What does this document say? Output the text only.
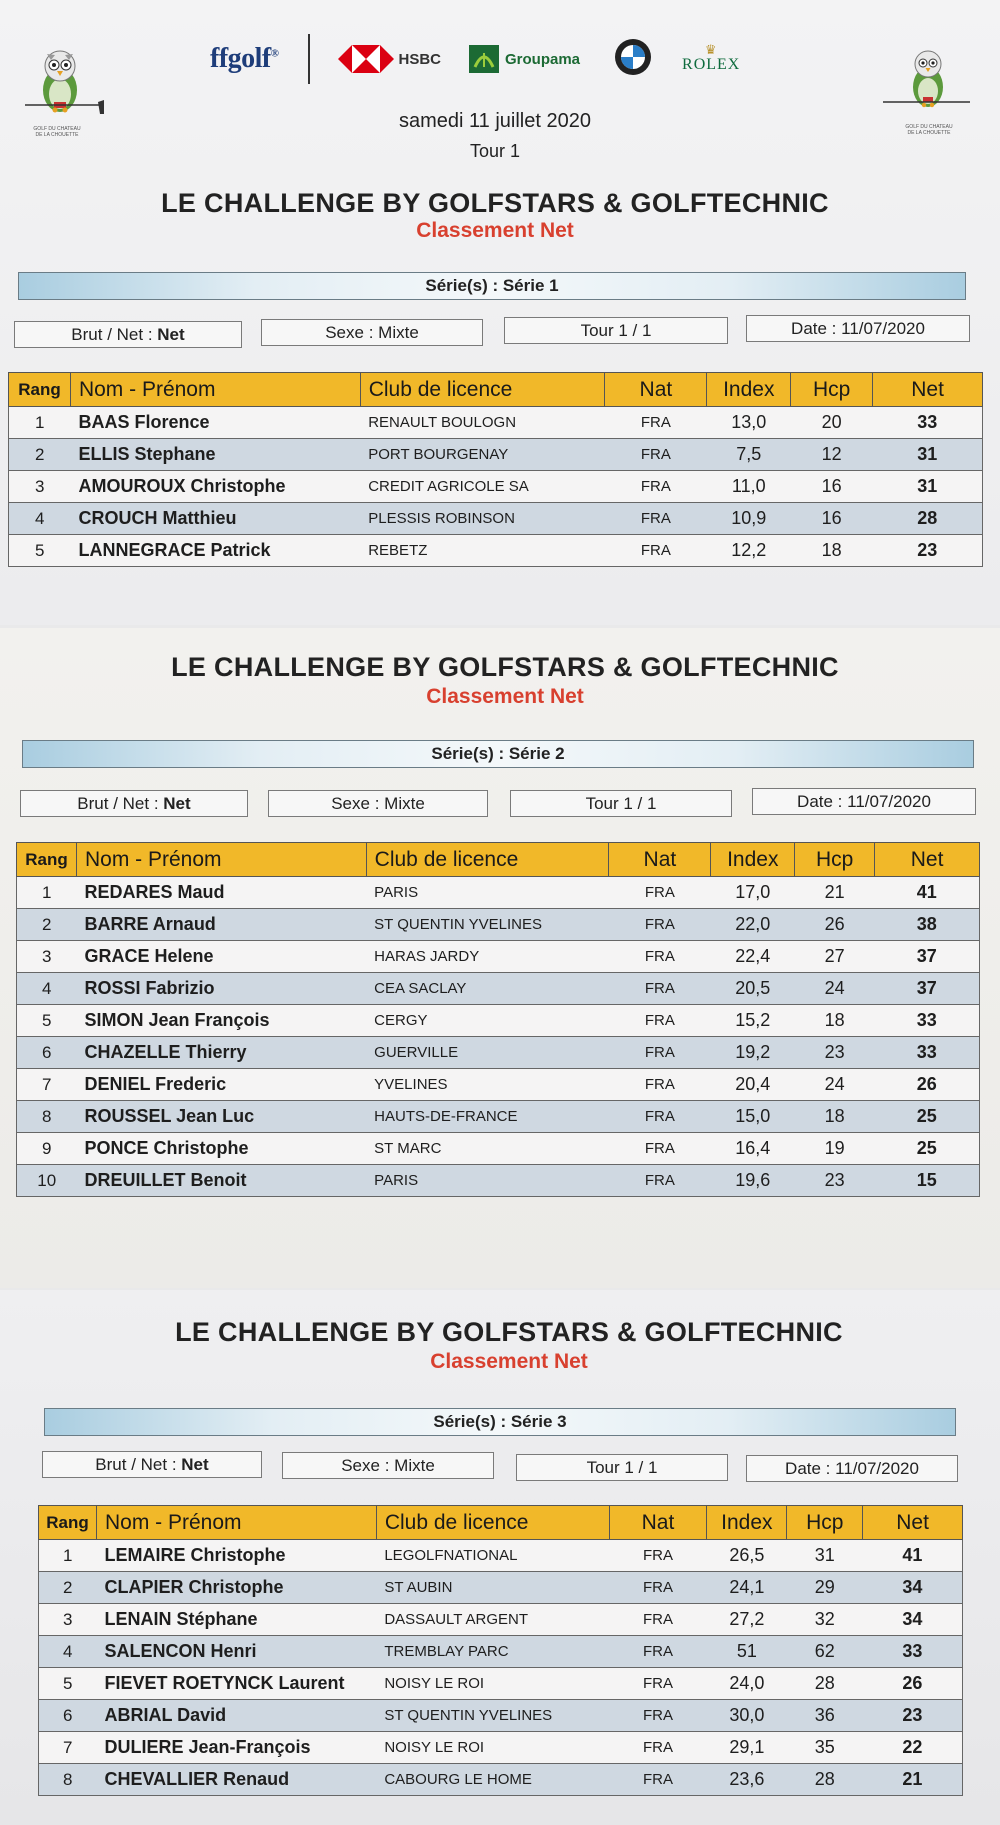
GOLF DU CHATEAU DE LA CHOUETTE
ffgolf®	HSBC	Groupama
♛
ROLEX
GOLF DU CHATEAU DE LA CHOUETTE
samedi 11 juillet 2020
Tour 1
LE CHALLENGE BY GOLFSTARS & GOLFTECHNIC
Classement Net
Série(s) : Série 1
Brut / Net : Net	Sexe : Mixte	Tour 1 / 1	Date : 11/07/2020
Rang	Nom - Prénom	Club de licence	Nat	Index	Hcp	Net
1	BAAS Florence	RENAULT BOULOGN	FRA	13,0	20	33
2	ELLIS Stephane	PORT BOURGENAY	FRA	7,5	12	31
3	AMOUROUX Christophe	CREDIT AGRICOLE SA	FRA	11,0	16	31
4	CROUCH Matthieu	PLESSIS ROBINSON	FRA	10,9	16	28
5	LANNEGRACE Patrick	REBETZ	FRA	12,2	18	23
LE CHALLENGE BY GOLFSTARS & GOLFTECHNIC
Classement Net
Série(s) : Série 2
Brut / Net : Net	Sexe : Mixte	Tour 1 / 1	Date : 11/07/2020
Rang	Nom - Prénom	Club de licence	Nat	Index	Hcp	Net
1	REDARES Maud	PARIS	FRA	17,0	21	41
2	BARRE Arnaud	ST QUENTIN YVELINES	FRA	22,0	26	38
3	GRACE Helene	HARAS JARDY	FRA	22,4	27	37
4	ROSSI Fabrizio	CEA SACLAY	FRA	20,5	24	37
5	SIMON Jean François	CERGY	FRA	15,2	18	33
6	CHAZELLE Thierry	GUERVILLE	FRA	19,2	23	33
7	DENIEL Frederic	YVELINES	FRA	20,4	24	26
8	ROUSSEL Jean Luc	HAUTS-DE-FRANCE	FRA	15,0	18	25
9	PONCE Christophe	ST MARC	FRA	16,4	19	25
10	DREUILLET Benoit	PARIS	FRA	19,6	23	15
LE CHALLENGE BY GOLFSTARS & GOLFTECHNIC
Classement Net
Série(s) : Série 3
Brut / Net : Net	Sexe : Mixte	Tour 1 / 1	Date : 11/07/2020
Rang	Nom - Prénom	Club de licence	Nat	Index	Hcp	Net
1	LEMAIRE Christophe	LEGOLFNATIONAL	FRA	26,5	31	41
2	CLAPIER Christophe	ST AUBIN	FRA	24,1	29	34
3	LENAIN Stéphane	DASSAULT ARGENT	FRA	27,2	32	34
4	SALENCON Henri	TREMBLAY PARC	FRA	51	62	33
5	FIEVET ROETYNCK Laurent	NOISY LE ROI	FRA	24,0	28	26
6	ABRIAL David	ST QUENTIN YVELINES	FRA	30,0	36	23
7	DULIERE Jean-François	NOISY LE ROI	FRA	29,1	35	22
8	CHEVALLIER Renaud	CABOURG LE HOME	FRA	23,6	28	21
